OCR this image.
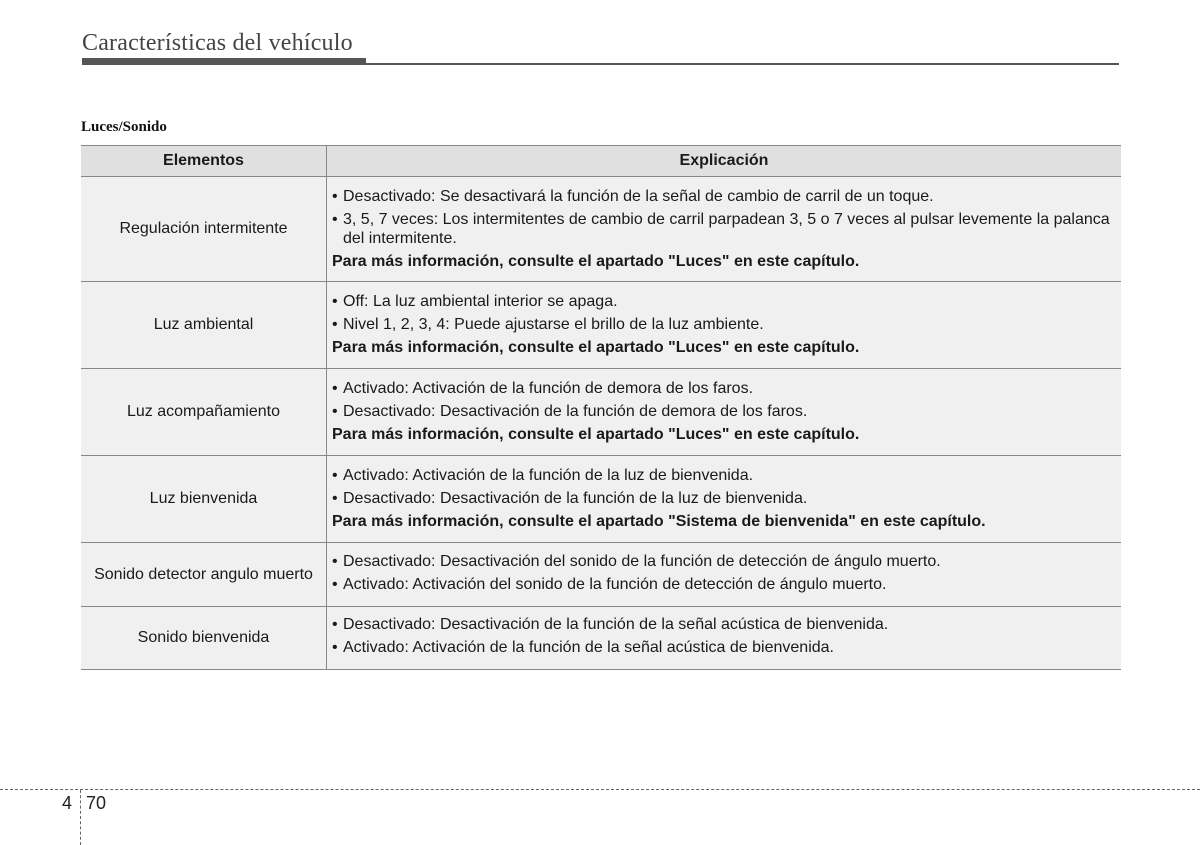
Características del vehículo
Luces/Sonido
Elementos	Explicación
Regulación intermitente	• Desactivado: Se desactivará la función de la señal de cambio de carril de un toque.
• 3, 5, 7 veces: Los intermitentes de cambio de carril parpadean 3, 5 o 7 veces al pulsar levemente la palanca del intermitente.
Para más información, consulte el apartado "Luces" en este capítulo.

Luz ambiental	• Off: La luz ambiental interior se apaga.
• Nivel 1, 2, 3, 4: Puede ajustarse el brillo de la luz ambiente.
Para más información, consulte el apartado "Luces" en este capítulo.

Luz acompañamiento	• Activado: Activación de la función de demora de los faros.
• Desactivado: Desactivación de la función de demora de los faros.
Para más información, consulte el apartado "Luces" en este capítulo.

Luz bienvenida	• Activado: Activación de la función de la luz de bienvenida.
• Desactivado: Desactivación de la función de la luz de bienvenida.
Para más información, consulte el apartado "Sistema de bienvenida" en este capítulo.

Sonido detector angulo muerto	• Desactivado: Desactivación del sonido de la función de detección de ángulo muerto.
• Activado: Activación del sonido de la función de detección de ángulo muerto.

Sonido bienvenida	• Desactivado: Desactivación de la función de la señal acústica de bienvenida.
• Activado: Activación de la función de la señal acústica de bienvenida.
4 70
